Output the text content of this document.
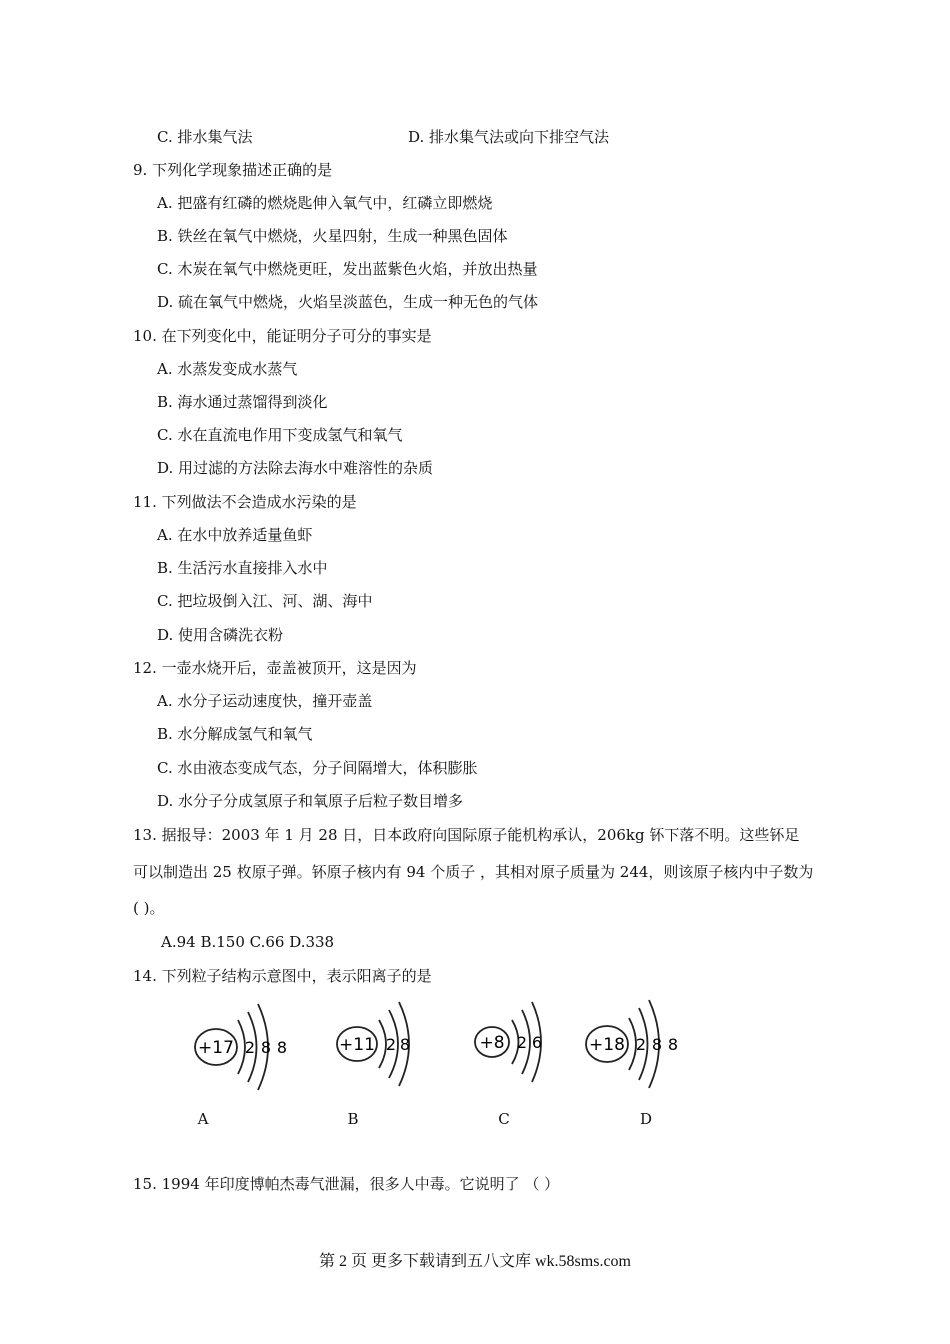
C. 排水集气法	D. 排水集气法或向下排空气法
9. 下列化学现象描述正确的是
A. 把盛有红磷的燃烧匙伸入氧气中，红磷立即燃烧
B. 铁丝在氧气中燃烧，火星四射，生成一种黑色固体
C. 木炭在氧气中燃烧更旺，发出蓝紫色火焰，并放出热量
D. 硫在氧气中燃烧，火焰呈淡蓝色，生成一种无色的气体
10. 在下列变化中，能证明分子可分的事实是
A. 水蒸发变成水蒸气
B. 海水通过蒸馏得到淡化
C. 水在直流电作用下变成氢气和氧气
D. 用过滤的方法除去海水中难溶性的杂质
11. 下列做法不会造成水污染的是
A. 在水中放养适量鱼虾
B. 生活污水直接排入水中
C. 把垃圾倒入江、河、湖、海中
D. 使用含磷洗衣粉
12. 一壶水烧开后，壶盖被顶开，这是因为
A. 水分子运动速度快，撞开壶盖
B. 水分解成氢气和氧气
C. 水由液态变成气态，分子间隔增大，体积膨胀
D. 水分子分成氢原子和氧原子后粒子数目增多
13. 据报导：2003 年 1 月 28 日，日本政府向国际原子能机构承认，206kg 钚下落不明。这些钚足
可以制造出 25 枚原子弹。钚原子核内有 94 个质子 ，其相对原子质量为 244，则该原子核内中子数为
( )。
A.94 B.150 C.66 D.338
14. 下列粒子结构示意图中，表示阳离子的是
+17 2 8 8	+11 2 8	+8 2 6	+18 2 8 8
A	B	C	D
15. 1994 年印度博帕杰毒气泄漏，很多人中毒。它说明了 （ ）
第 2 页 更多下载请到五八文库 wk.58sms.com
